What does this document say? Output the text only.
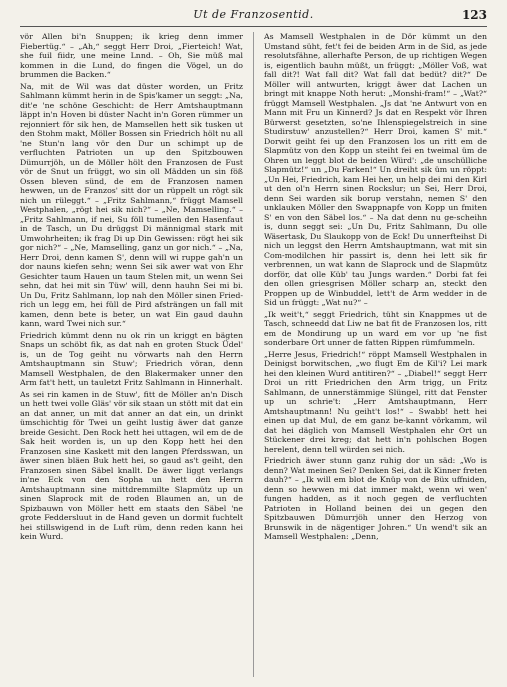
Ut de Franzosentid.	123

vör Allen bi'n Snuppen; ik krieg denn immer Fiebertüg.“ – „Ah,“ seggt Herr Droi, „Fierteich! Wat, she fuil fiidr, une meine Lnnd. – Oh, Sie müß mal kommen in die Lund, do fingen die Vögel, un do brummen die Backen.“

Na, mit de Wil was dat düster worden, un Fritz Sahlmann kümmt herin in de Spis'kamer un seggt: „Na, dit'e 'ne schöne Geschicht: de Herr Amtshauptmann läppt in'n Hoven bi düster Nacht in'n Goren rümmer un rejonniert för sik hen, de Mamsellen hett sik tusken ut den Stohm makt, Möller Bossen sin Friedrich hölt nu all 'ne Stun'n lang vör den Dur un schimpt up de verfluchten Patrioten un up den Spitzbouwen Dümurrjöh, un de Möller hölt den Franzosen de Fust vör de Snut un früggt, wo sin oll Mädden un sin föß Ossen bleven sünd, de em de Franzosen namen hewwen, un de Franzos' sitt dor un rüppelt un rögt sik nich un rüleggt.“ – „Fritz Sahlmann,“ früggt Mamsell Westphalen, „rögt hei sik nich?“ – „Ne, Mamselling.“ – „Fritz Sahlmann, if nei, Su föll tumeilen den Hasenfaut in de Tasch, un Du drüggst Di männigmal stark mit Umwohrheiten; ik frag Di up Din Gewissen: rögt hei sik gor nich?“ – „Ne, Mamselling, ganz un gor nich.“ – „Na, Herr Droi, denn kamen S', denn will wi ruppe gah'n un dor nauns kiefen sehn; wenn Sei sik awer wat von Ehr Gesichter taum Hauen un taum Stelen mit, un wenn Sei sehn, dat hei mit sin Tüw' will, denn hauhn Sei mi bi. Un Du, Fritz Sahlmann, lop nah den Möller sinen Fried-rich un legg em, hei füll de Pird afsträngen un fall mit kamen, denn bete is beter, un wat Ein gaud dauhn kann, ward Twei nich sur.“

Friedrich kümmt denn nu ok rin un kriggt en bägten Snaps un schöbt fik, as dat nah en groten Stuck Üdel' is, un de Tog geiht nu vörwarts nah den Herrn Amtshauptmann sin Stuw'; Friedrich vöran, denn Mamsell Westphalen, de den Blakermaker unner den Arm fat't hett, un tauletzt Fritz Sahlmann in Hinnerhalt.

As sei rin kamen in de Stuw', fitt de Möller an'n Disch un hett twei volle Gläs' vör sik staan un stött mit dat ein an dat anner, un mit dat anner an dat ein, un drinkt ümschichtig för Twei un geiht lustig äwer dat ganze breide Gesicht. Den Rock hett hei uttagen, wil em de de Sak heit worden is, un up den Kopp hett hei den Franzosen sine Kaskett mit den langen Pferdsswan, un äwer sinen bläen Buk hett hei, so gaud as't geiht, den Franzosen sinen Säbel knallt. De äwer liggt verlangs in'ne Eck von den Sopha un hett den Herrn Amtshauptmann sine mittdremmilte Slapmütz up un sinen Slaprock mit de roden Blaumen an, un de Spizbauwn von Möller hett em staats den Säbel 'ne grote Feddersluut in de Hand geven un dormit fuchtelt hei stillswigend in de Luft rüm, denn reden kann hei kein Wurd.

As Mamsell Westphalen in de Dör kümmt un den Umstand süht, fet't fei de beiden Arm in de Sid, as jede resolutsfähne, allerhafte Person, de up richtigen Wegen is, eigentlich bauhn müßt, un früggt: „Möller Voß, wat fall dit?! Wat fall dit? Wat fall dat bedüt? dit?“ De Möller will antwurten, kriggt äwer dat Lachen un bringt mit knappe Noth herut: „Monshi-fram!“ – „Wat?“ früggt Mamsell Westphalen. „Js dat 'ne Antwurt von en Mann mit Fru un Kinnerd? Js dat en Respekt vör Ihren Bürwerst gesetzten, so'ne Ihlenspiegelstreich in sine Studirstuw' anzustellen?“ Herr Droi, kamen S' mit.“ Dorwit geiht fei up den Franzosen los un ritt em de Slapmütz von den Kopp un steiht fei en tweimal üm de Ohren un leggt blot de beiden Würd': „de unschülliche Slapmütz!“ un „Du Farken!“ Un dreiht sik üm un röppt: „Un Hei, Friedrich, kam Hei her, un help dei mi den Kirl ut den ol'n Herrn sinen Rockslur; un Sei, Herr Droi, denn Sei warden sik borup verstahn, nemen S' den unklauken Möller den Swappnapfe von Kopp un fmiten S' en von den Säbel los.“ – Na dat denn nu ge-scheihn is, dunn seggt sei: „Un Du, Fritz Sahlmann, Du olle Wäsertask, Du Slaukopp von de Eck! Du unnerfteihst Di nich un leggst den Herrn Amtshauptmann, wat mit sin Com-modilchen hir passirt is, denn hei lett sik fir verbrennen, un wat kann de Slaprock und de Slapmütz dorför, dat olle Küb' tau Jungs warden.“ Dorbi fat fei den ollen griesgrisen Möller scharp an, steckt den Proppen up de Winbuddel, lett't de Arm wedder in de Sid un früggt: „Wat nu?“ –

„Ik weit't,“ seggt Friedrich, tüht sin Knappmes ut de Tasch, schneedd dat Liw ne bat fit de Franzosen los, ritt em de Mondirung up un ward em vor up 'ne fist sonderbare Ort unner de fatten Rippen rümfummeln.

„Herre Jesus, Friedrich!“ röppt Mamsell Westphalen in Deinigst borwitschen, „wo flugt Em de Kil'i? Lei mark hei den kleinen Wurd antitiren?“ – „Diabel!“ seggt Herr Droi un ritt Friedrichen den Arm trigg, un Fritz Sahlmann, de unnerstämmige Slüngel, ritt dat Fenster up un schrie't: „Herr Amtshauptmann, Herr Amtshauptmann! Nu geiht't los!“ – Swabb! hett hei einen up dat Mul, de em ganz be-kannt vörkamm, wil dat hei däglich von Mamsell Westphalen ehr Ort un Stückener drei kreg; dat hett in'n pohlschen Bogen herelent, denn tell würden sei nich.

Friedrich äwer stunn ganz ruhig dor un säd: „Wo is denn? Wat meinen Sei? Denken Sei, dat ik Kinner freten dauh?“ – „Ik will em blot de Knüp von de Büx uffniden, denn so hewwen mi dat immer makt, wenn wi wen' fungen hadden, as it noch gegen de verfluchten Patrioten in Holland beinen dei un gegen den Spitzbauwen Dümurrjöh unner den Herzog von Brunswik in de nägentiger Johren.“ Un wend't sik an Mamsell Westphalen: „Denn,
